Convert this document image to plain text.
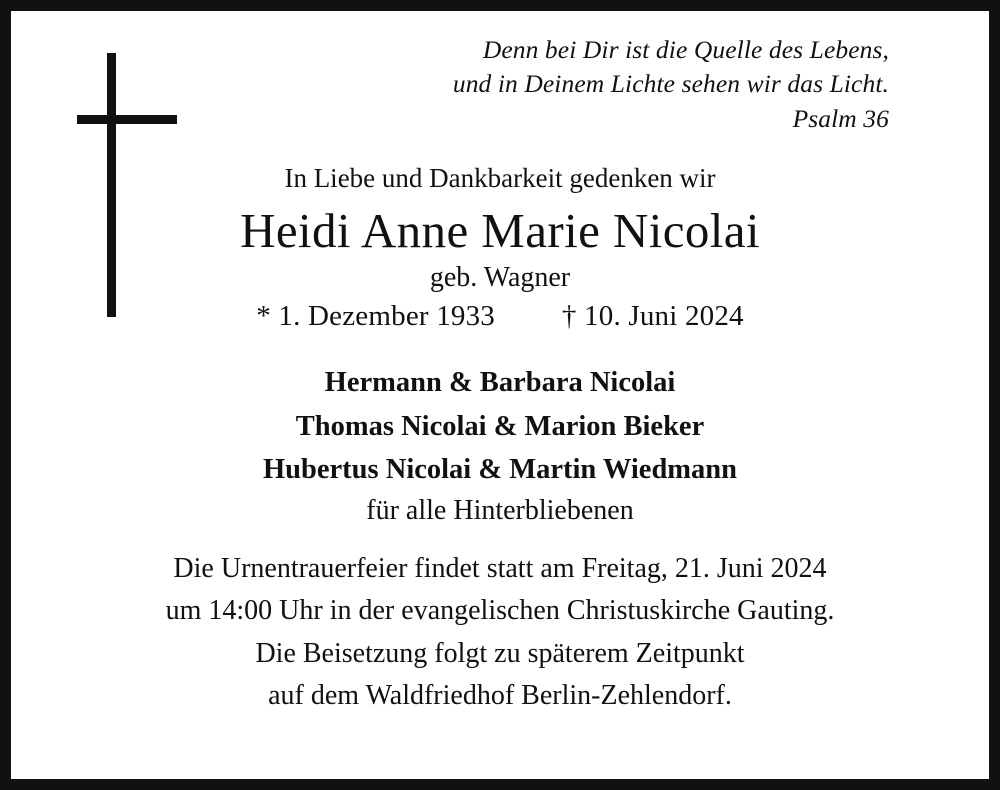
Denn bei Dir ist die Quelle des Lebens,
und in Deinem Lichte sehen wir das Licht.
Psalm 36
In Liebe und Dankbarkeit gedenken wir
Heidi Anne Marie Nicolai
geb. Wagner
* 1. Dezember 1933 † 10. Juni 2024
Hermann & Barbara Nicolai
Thomas Nicolai & Marion Bieker
Hubertus Nicolai & Martin Wiedmann
für alle Hinterbliebenen
Die Urnentrauerfeier findet statt am Freitag, 21. Juni 2024
um 14:00 Uhr in der evangelischen Christuskirche Gauting.
Die Beisetzung folgt zu späterem Zeitpunkt
auf dem Waldfriedhof Berlin-Zehlendorf.
